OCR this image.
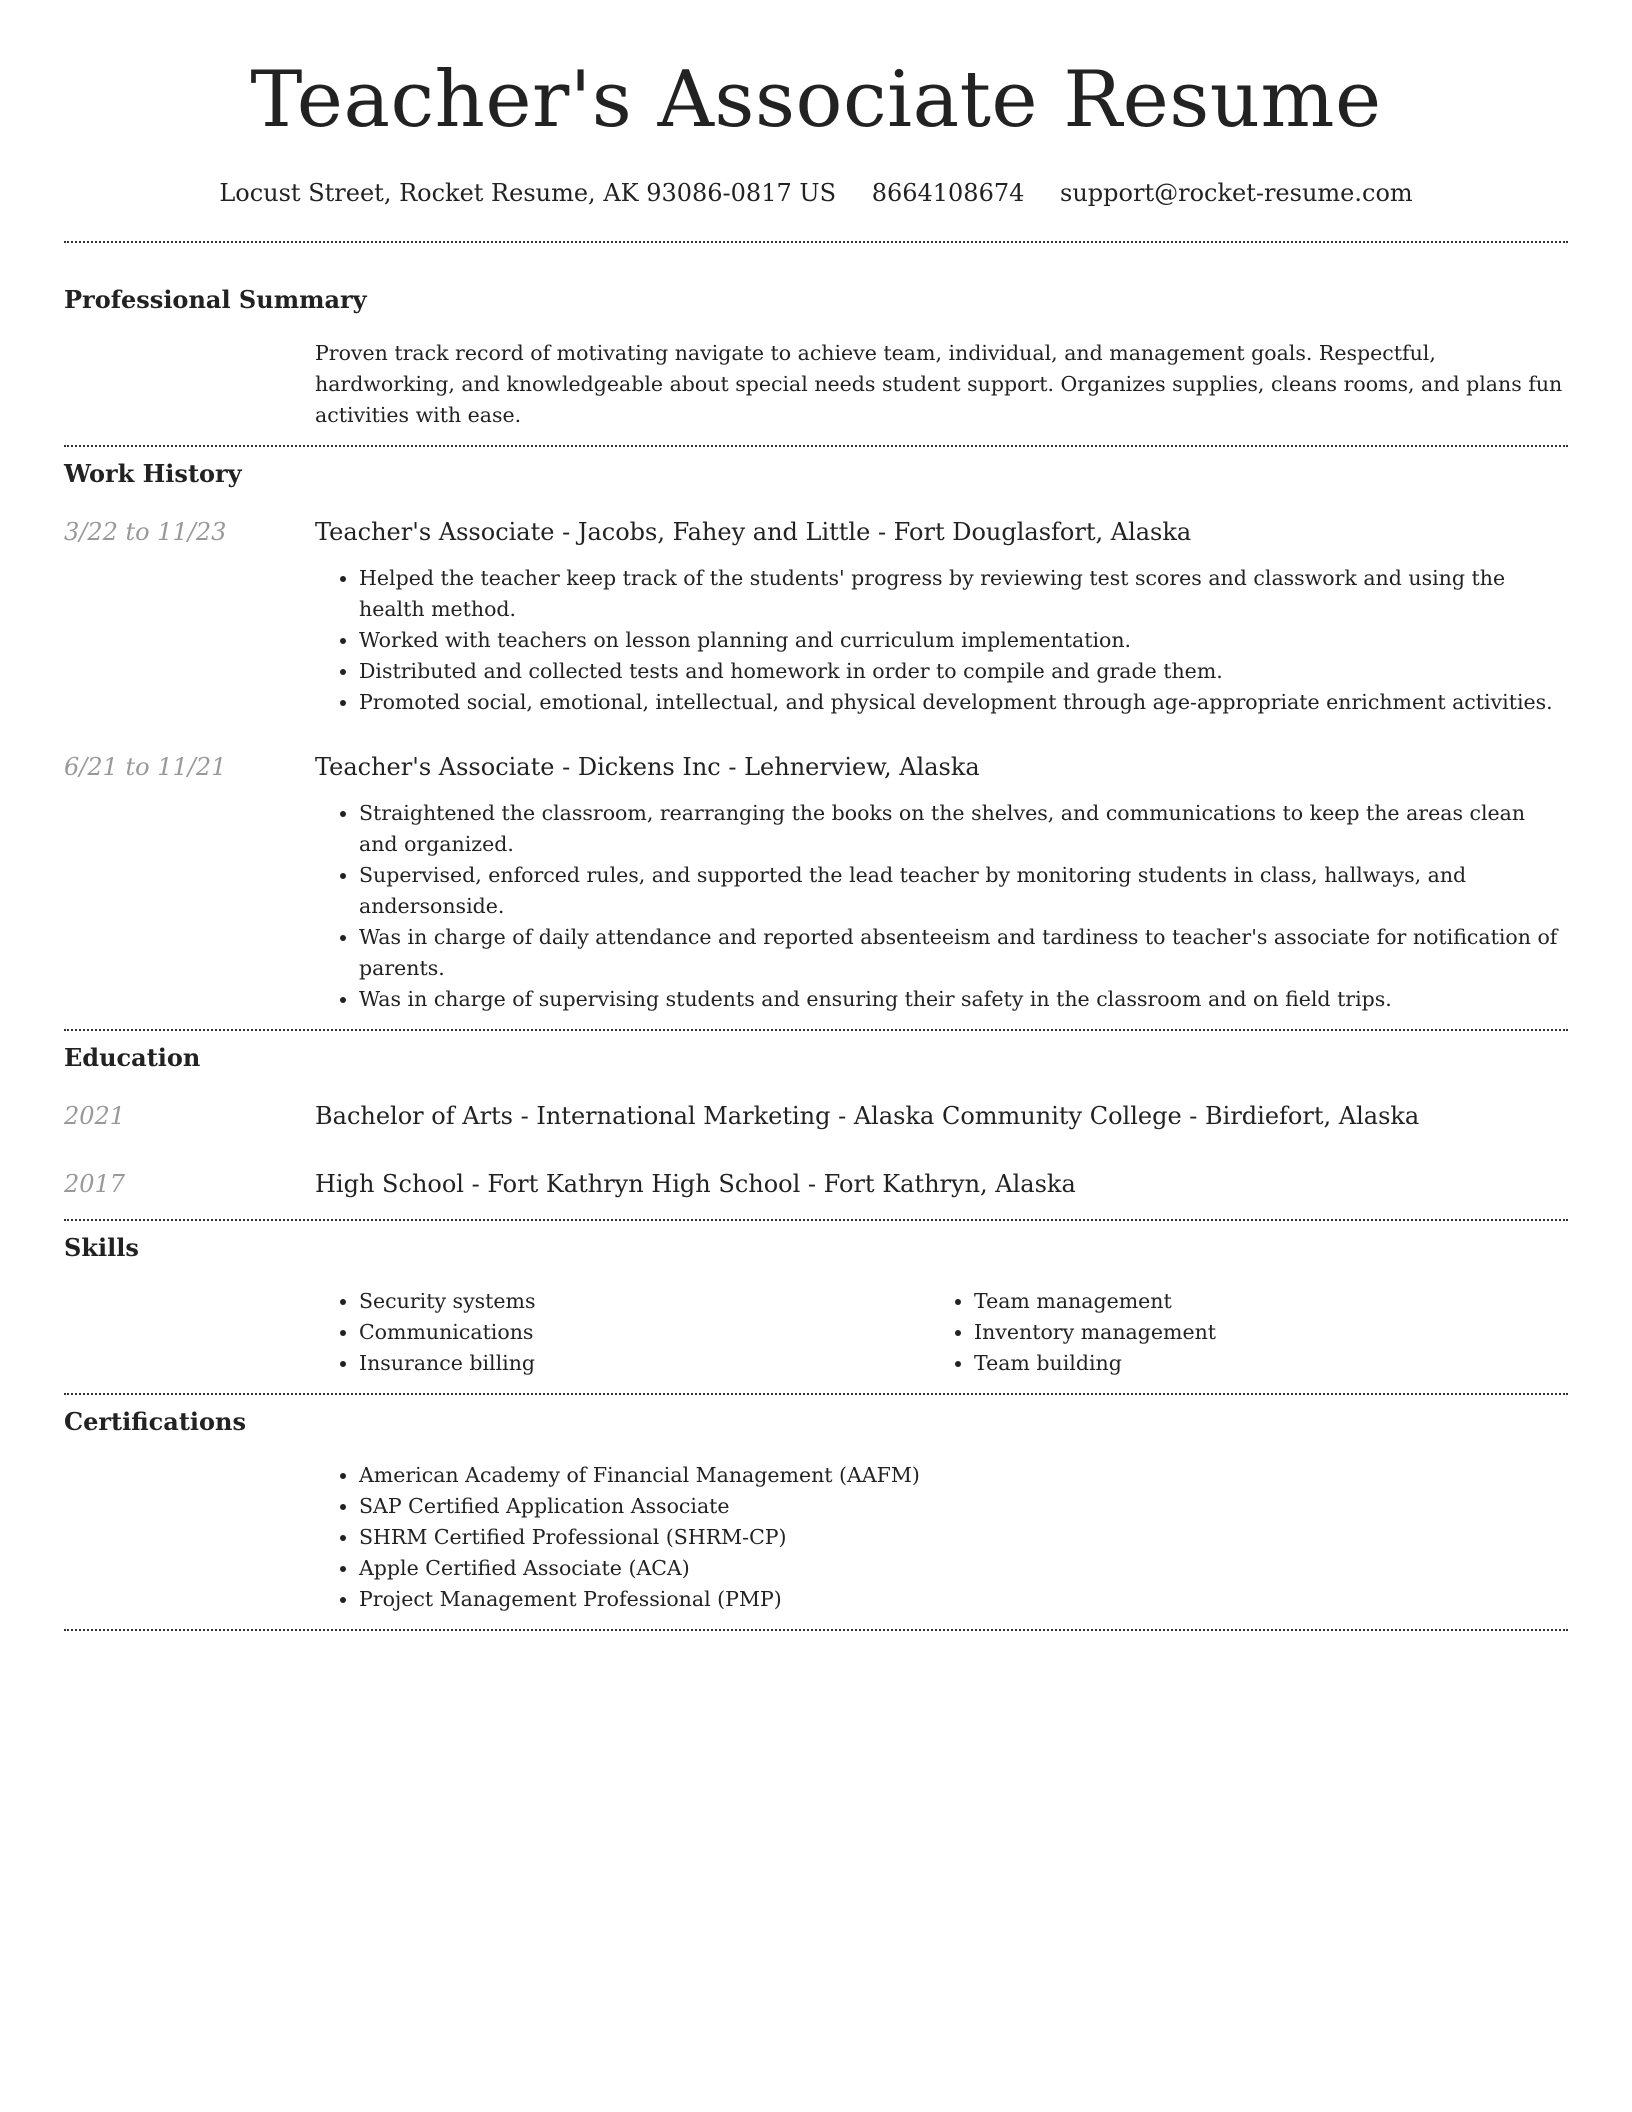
Teacher's Associate Resume
Locust Street, Rocket Resume, AK 93086-0817 US 8664108674 support@rocket-resume.com
Professional Summary

Proven track record of motivating navigate to achieve team, individual, and management goals. Respectful, hardworking, and knowledgeable about special needs student support. Organizes supplies, cleans rooms, and plans fun activities with ease.

Work History
3/22 to 11/23	Teacher's Associate - Jacobs, Fahey and Little - Fort Douglasfort, Alaska
• Helped the teacher keep track of the students' progress by reviewing test scores and classwork and using the health method.
• Worked with teachers on lesson planning and curriculum implementation.
• Distributed and collected tests and homework in order to compile and grade them.
• Promoted social, emotional, intellectual, and physical development through age-appropriate enrichment activities.
6/21 to 11/21	Teacher's Associate - Dickens Inc - Lehnerview, Alaska
• Straightened the classroom, rearranging the books on the shelves, and communications to keep the areas clean and organized.
• Supervised, enforced rules, and supported the lead teacher by monitoring students in class, hallways, and andersonside.
• Was in charge of daily attendance and reported absenteeism and tardiness to teacher's associate for notification of parents.
• Was in charge of supervising students and ensuring their safety in the classroom and on field trips.
Education
2021	Bachelor of Arts - International Marketing - Alaska Community College - Birdiefort, Alaska
2017	High School - Fort Kathryn High School - Fort Kathryn, Alaska
Skills
• Security systems
• Communications
• Insurance billing
• Team management
• Inventory management
• Team building
Certifications
• American Academy of Financial Management (AAFM)
• SAP Certified Application Associate
• SHRM Certified Professional (SHRM-CP)
• Apple Certified Associate (ACA)
• Project Management Professional (PMP)
